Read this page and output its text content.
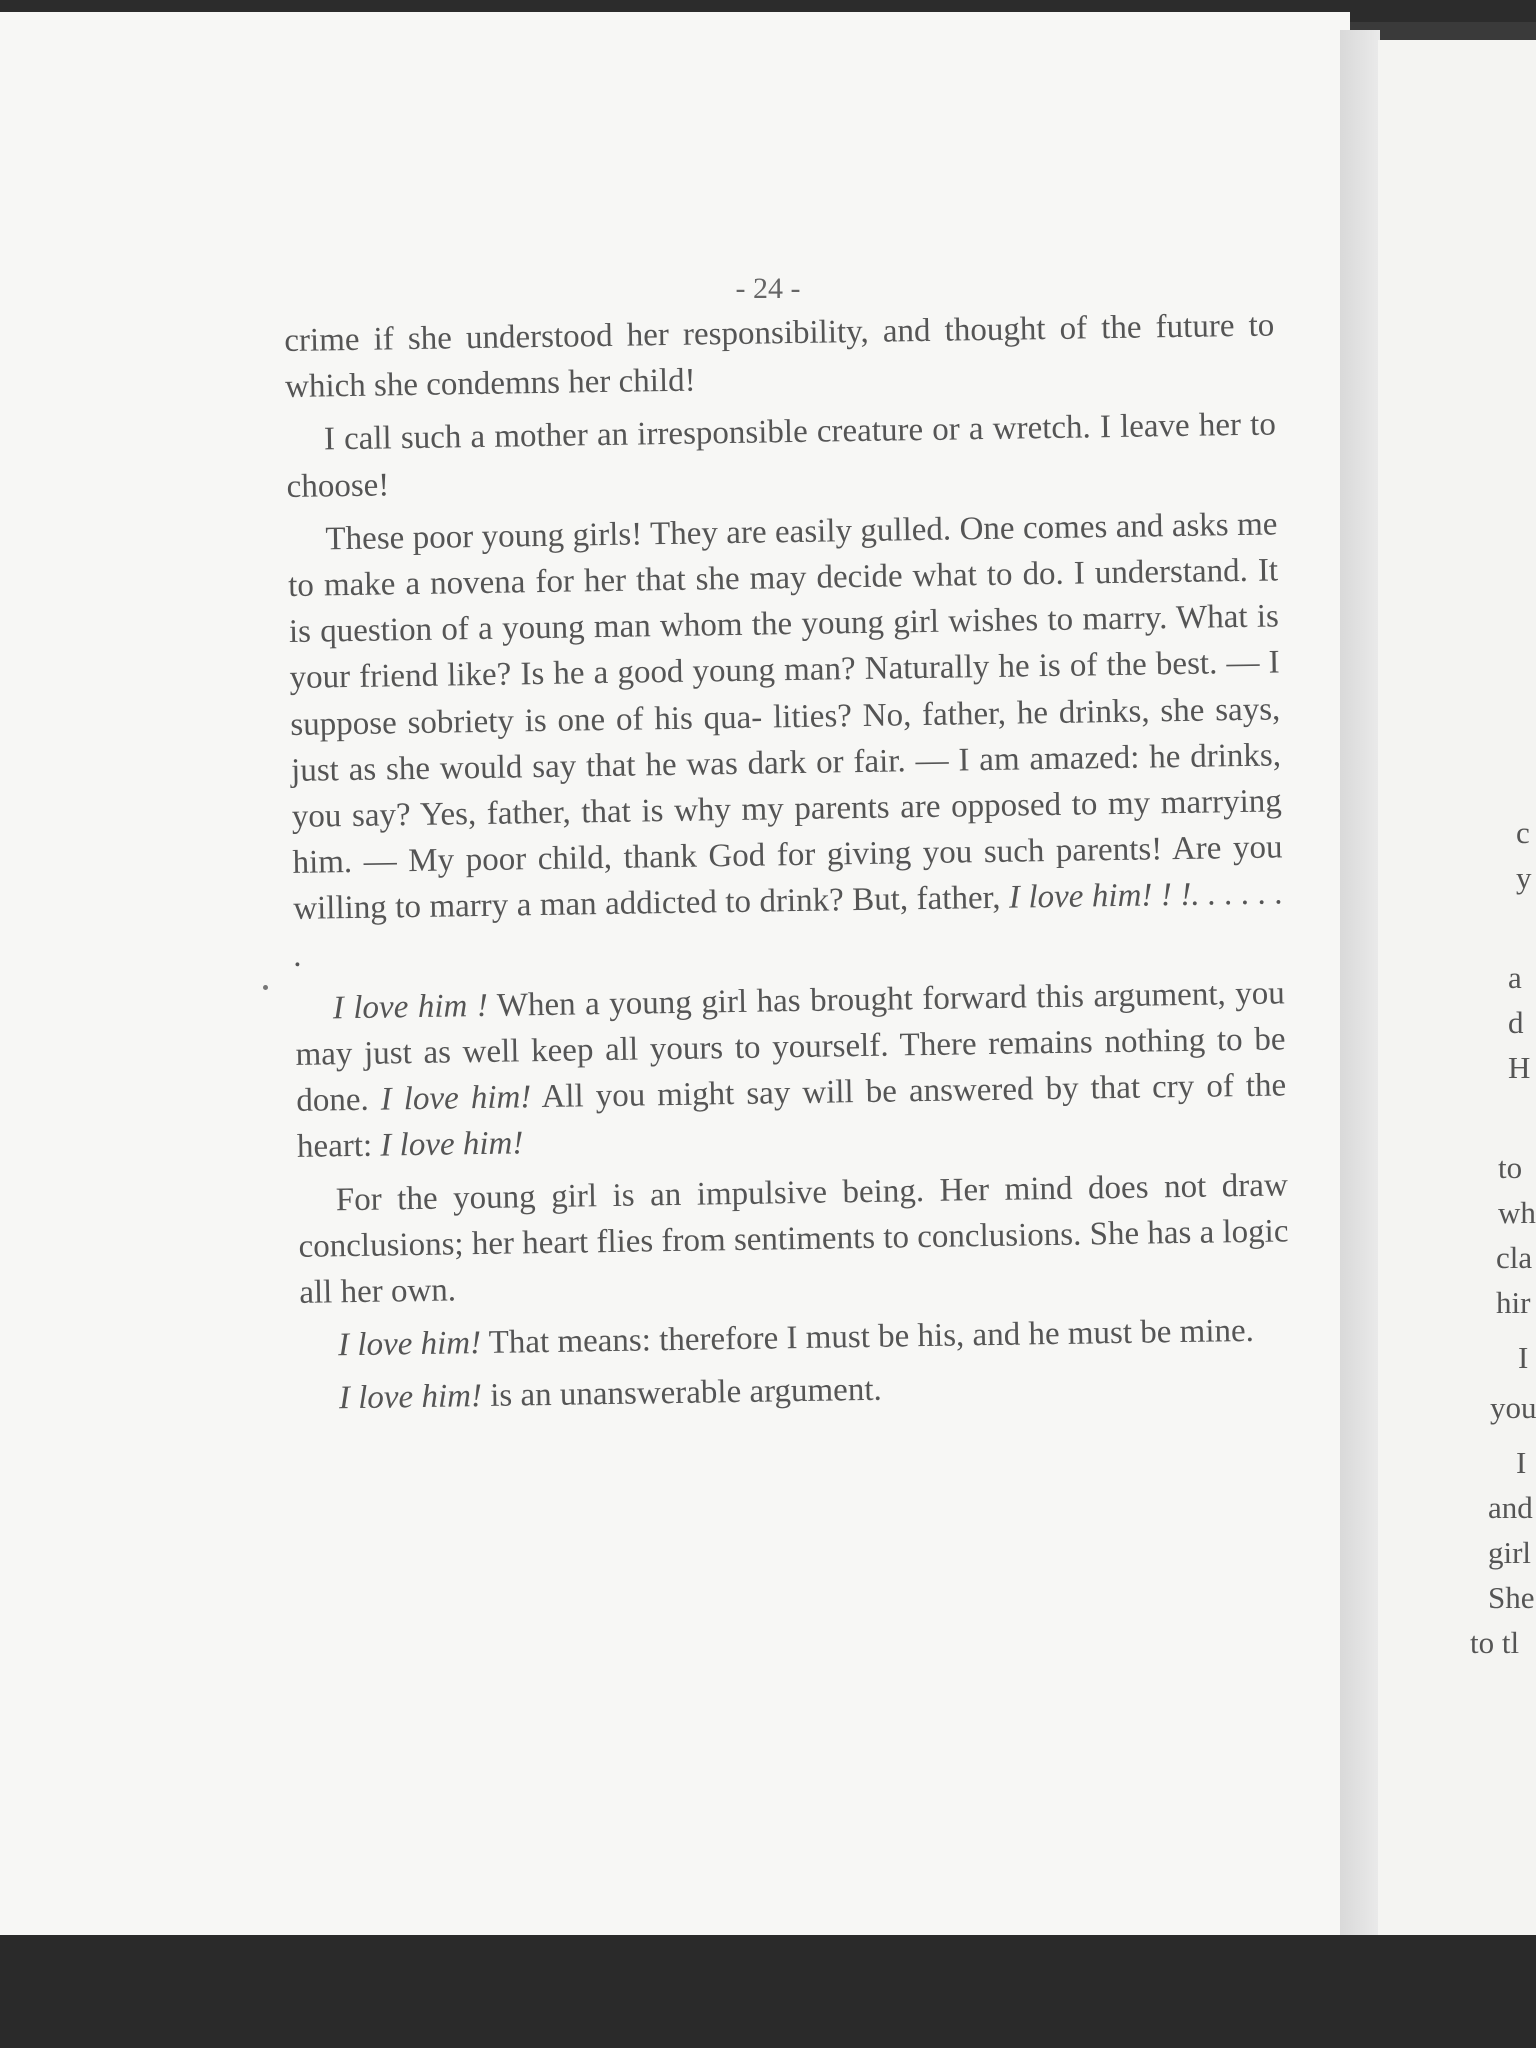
c
y
a
d
H
to
wh
cla
hir
I
you
I
and
girl
She
to tl
- 24 -

crime if she understood her responsibility, and thought of the future to which she condemns her child!

I call such a mother an irresponsible creature or a wretch. I leave her to choose!

These poor young girls! They are easily gulled. One comes and asks me to make a novena for her that she may decide what to do. I understand. It is question of a young man whom the young girl wishes to marry. What is your friend like? Is he a good young man? Naturally he is of the best. — I suppose sobriety is one of his qua- lities? No, father, he drinks, she says, just as she would say that he was dark or fair. — I am amazed: he drinks, you say? Yes, father, that is why my parents are opposed to my marrying him. — My poor child, thank God for giving you such parents! Are you willing to marry a man addicted to drink? But, father, I love him! ! !. . . . . . .

I love him ! When a young girl has brought forward this argument, you may just as well keep all yours to yourself. There remains nothing to be done. I love him! All you might say will be answered by that cry of the heart: I love him!

For the young girl is an impulsive being. Her mind does not draw conclusions; her heart flies from sentiments to conclusions. She has a logic all her own.

I love him! That means: therefore I must be his, and he must be mine.

I love him! is an unanswerable argument.
